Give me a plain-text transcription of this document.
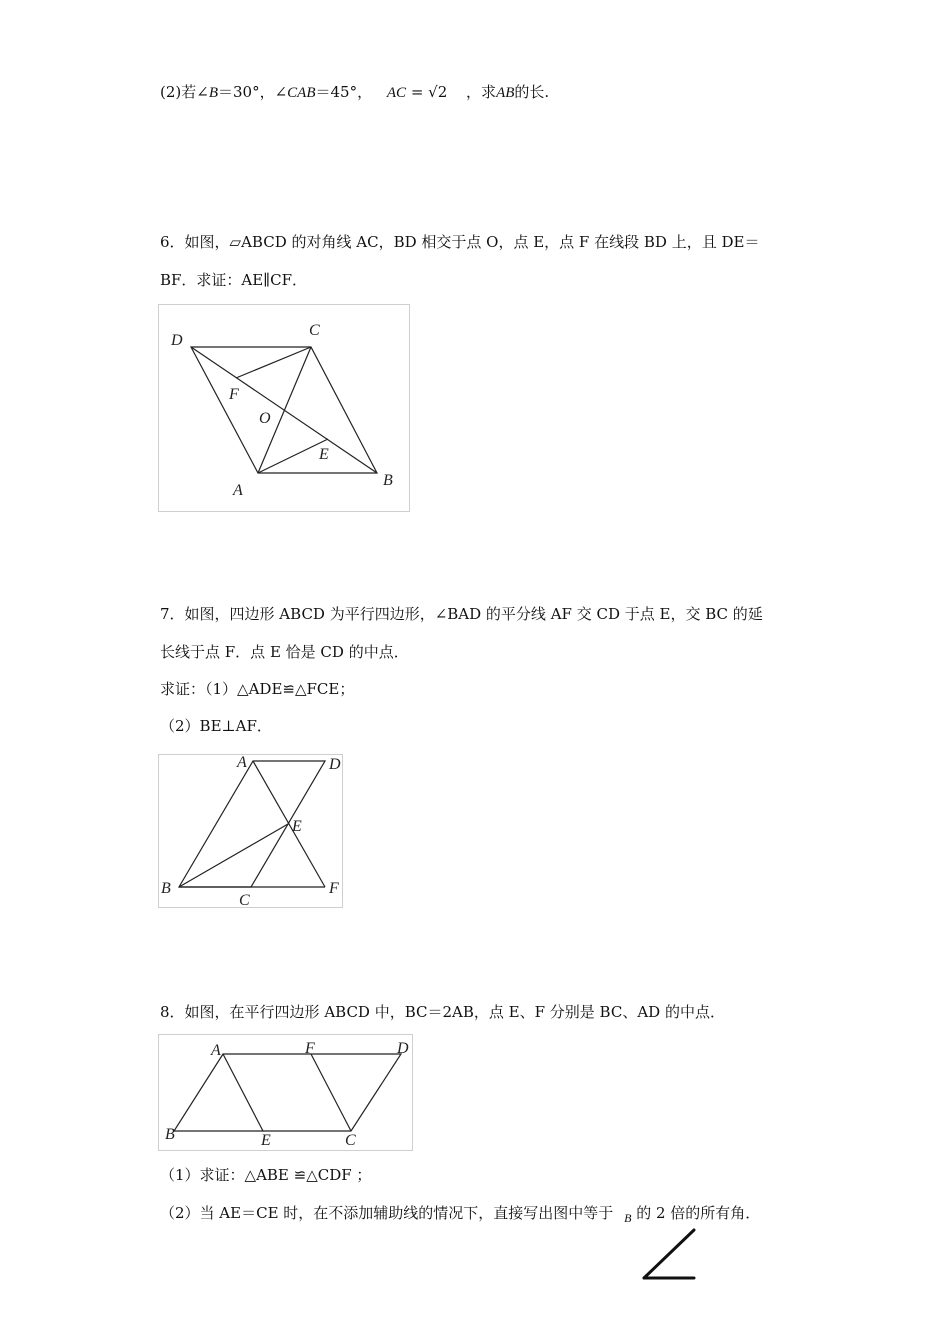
(2)若∠B＝30°，∠CAB＝45°， AC = √2 ，求AB的长.
6．如图，▱ABCD 的对角线 AC，BD 相交于点 O，点 E，点 F 在线段 BD 上，且 DE＝
BF．求证：AE∥CF．
D
C
F
O
E
A
B
7．如图，四边形 ABCD 为平行四边形，∠BAD 的平分线 AF 交 CD 于点 E，交 BC 的延
长线于点 F．点 E 恰是 CD 的中点．
求证：（1）△ADE≌△FCE；
（2）BE⊥AF．
A	D
E
B
C
F
8．如图，在平行四边形 ABCD 中，BC＝2AB，点 E、F 分别是 BC、AD 的中点．
A	F	D
B	E	C
（1）求证：△ABE ≌△CDF ；
（2）当 AE＝CE 时，在不添加辅助线的情况下，直接写出图中等于 $_B$ 的 2 倍的所有角．
